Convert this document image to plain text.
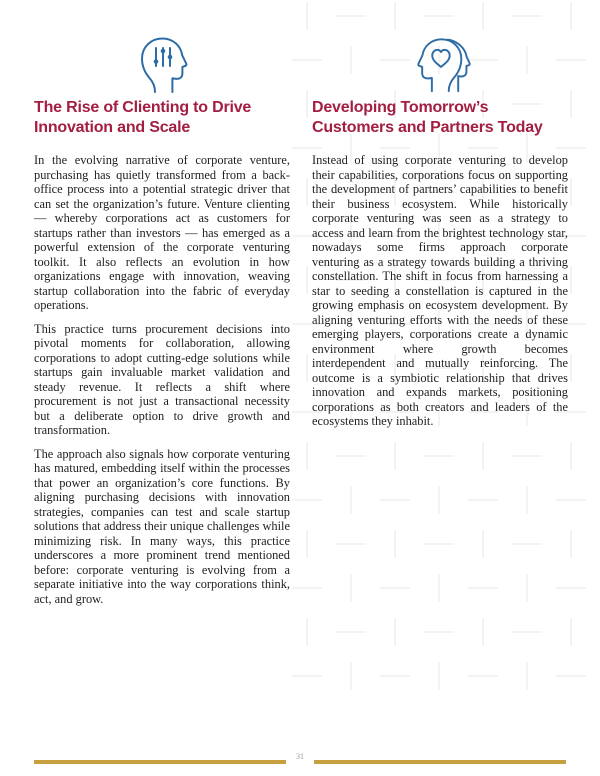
The Rise of Clienting to Drive Innovation and Scale

In the evolving narrative of corporate venture, purchasing has quietly transformed from a back-office process into a potential strategic driver that can set the organization’s future. Venture clienting — whereby corporations act as customers for startups rather than investors — has emerged as a powerful extension of the corporate venturing toolkit. It also reflects an evolution in how organizations engage with innovation, weaving startup collaboration into the fabric of everyday operations.

This practice turns procurement decisions into pivotal moments for collaboration, allowing corporations to adopt cutting-edge solutions while startups gain invaluable market validation and steady revenue. It reflects a shift where procurement is not just a transactional necessity but a deliberate option to drive growth and transformation.

The approach also signals how corporate venturing has matured, embedding itself within the processes that power an organization’s core functions. By aligning purchasing decisions with innovation strategies, companies can test and scale startup solutions that address their unique challenges while minimizing risk. In many ways, this practice underscores a more prominent trend mentioned before: corporate venturing is evolving from a separate initiative into the way corporations think, act, and grow.

Developing Tomorrow’s Customers and Partners Today

Instead of using corporate venturing to develop their capabilities, corporations focus on supporting the development of partners’ capabilities to benefit their business ecosystem. While historically corporate venturing was seen as a strategy to access and learn from the brightest technology star, nowadays some firms approach corporate venturing as a strategy towards building a thriving constellation. The shift in focus from harnessing a star to seeding a constellation is captured in the growing emphasis on ecosystem development. By aligning venturing efforts with the needs of these emerging players, corporations create a dynamic environment where growth becomes interdependent and mutually reinforcing. The outcome is a symbiotic relationship that drives innovation and expands markets, positioning corporations as both creators and leaders of the ecosystems they inhabit.

31
